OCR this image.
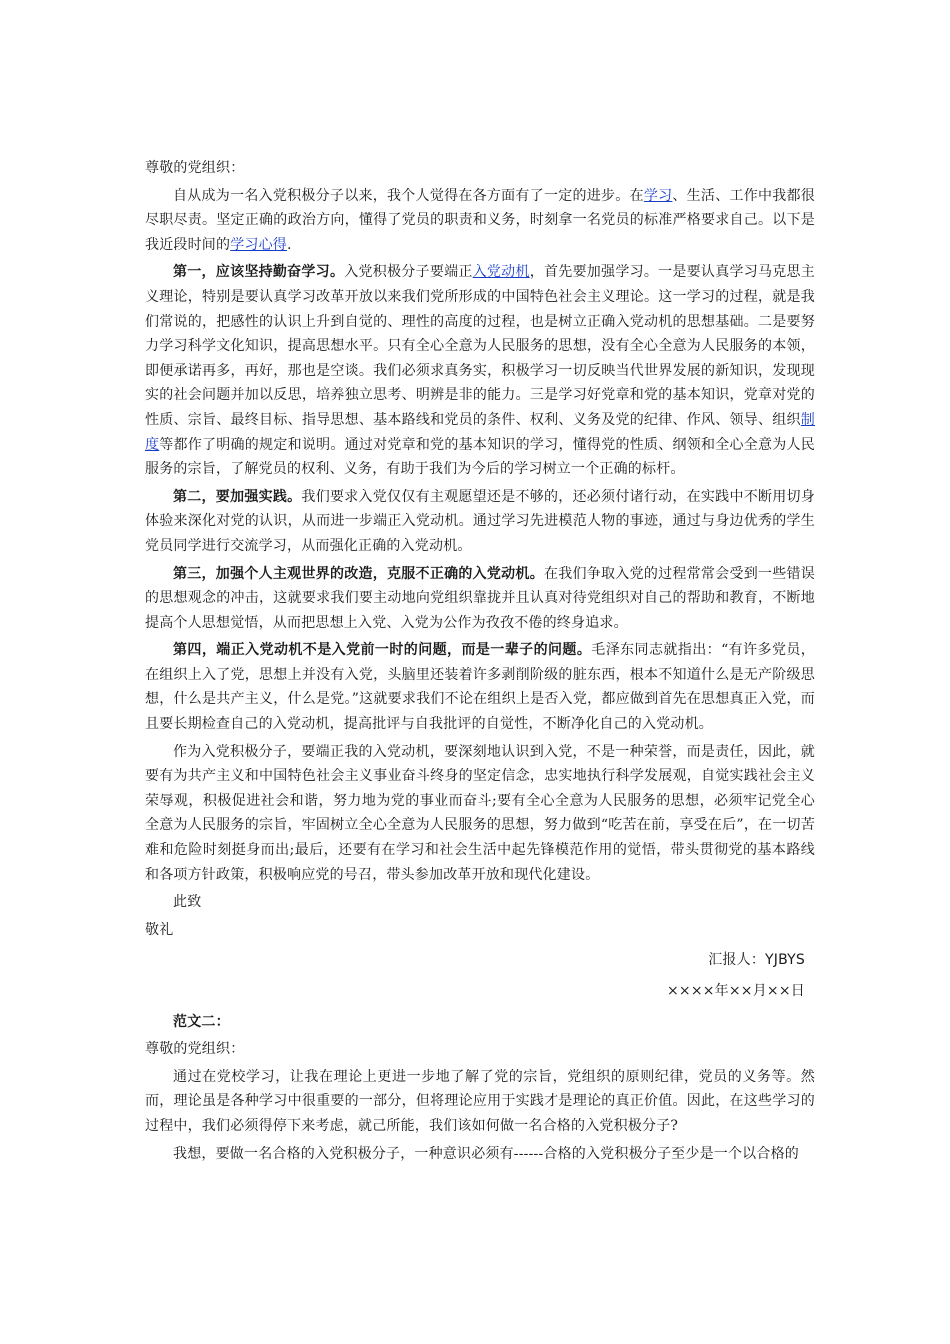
尊敬的党组织：

自从成为一名入党积极分子以来，我个人觉得在各方面有了一定的进步。在学习、生活、工作中我都很尽职尽责。坚定正确的政治方向，懂得了党员的职责和义务，时刻拿一名党员的标准严格要求自己。以下是我近段时间的学习心得.

第一，应该坚持勤奋学习。入党积极分子要端正入党动机，首先要加强学习。一是要认真学习马克思主义理论，特别是要认真学习改革开放以来我们党所形成的中国特色社会主义理论。这一学习的过程，就是我们常说的，把感性的认识上升到自觉的、理性的高度的过程，也是树立正确入党动机的思想基础。二是要努力学习科学文化知识，提高思想水平。只有全心全意为人民服务的思想，没有全心全意为人民服务的本领，即便承诺再多，再好，那也是空谈。我们必须求真务实，积极学习一切反映当代世界发展的新知识，发现现实的社会问题并加以反思，培养独立思考、明辨是非的能力。三是学习好党章和党的基本知识，党章对党的性质、宗旨、最终目标、指导思想、基本路线和党员的条件、权利、义务及党的纪律、作风、领导、组织制度等都作了明确的规定和说明。通过对党章和党的基本知识的学习，懂得党的性质、纲领和全心全意为人民服务的宗旨，了解党员的权利、义务，有助于我们为今后的学习树立一个正确的标杆。

第二，要加强实践。我们要求入党仅仅有主观愿望还是不够的，还必须付诸行动，在实践中不断用切身体验来深化对党的认识，从而进一步端正入党动机。通过学习先进模范人物的事迹，通过与身边优秀的学生党员同学进行交流学习，从而强化正确的入党动机。

第三，加强个人主观世界的改造，克服不正确的入党动机。在我们争取入党的过程常常会受到一些错误的思想观念的冲击，这就要求我们要主动地向党组织靠拢并且认真对待党组织对自己的帮助和教育，不断地提高个人思想觉悟，从而把思想上入党、入党为公作为孜孜不倦的终身追求。

第四，端正入党动机不是入党前一时的问题，而是一辈子的问题。毛泽东同志就指出：“有许多党员，在组织上入了党，思想上并没有入党，头脑里还装着许多剥削阶级的脏东西，根本不知道什么是无产阶级思想，什么是共产主义，什么是党。”这就要求我们不论在组织上是否入党，都应做到首先在思想真正入党，而且要长期检查自己的入党动机，提高批评与自我批评的自觉性，不断净化自己的入党动机。

作为入党积极分子，要端正我的入党动机，要深刻地认识到入党，不是一种荣誉，而是责任，因此，就要有为共产主义和中国特色社会主义事业奋斗终身的坚定信念，忠实地执行科学发展观，自觉实践社会主义荣辱观，积极促进社会和谐，努力地为党的事业而奋斗;要有全心全意为人民服务的思想，必须牢记党全心全意为人民服务的宗旨，牢固树立全心全意为人民服务的思想，努力做到“吃苦在前，享受在后”，在一切苦难和危险时刻挺身而出;最后，还要有在学习和社会生活中起先锋模范作用的觉悟，带头贯彻党的基本路线和各项方针政策，积极响应党的号召，带头参加改革开放和现代化建设。

此致

敬礼

汇报人：YJBYS

××××年××月××日

范文二：

尊敬的党组织：

通过在党校学习，让我在理论上更进一步地了解了党的宗旨，党组织的原则纪律，党员的义务等。然而，理论虽是各种学习中很重要的一部分，但将理论应用于实践才是理论的真正价值。因此，在这些学习的过程中，我们必须得停下来考虑，就己所能，我们该如何做一名合格的入党积极分子?

我想，要做一名合格的入党积极分子，一种意识必须有------合格的入党积极分子至少是一个以合格的
